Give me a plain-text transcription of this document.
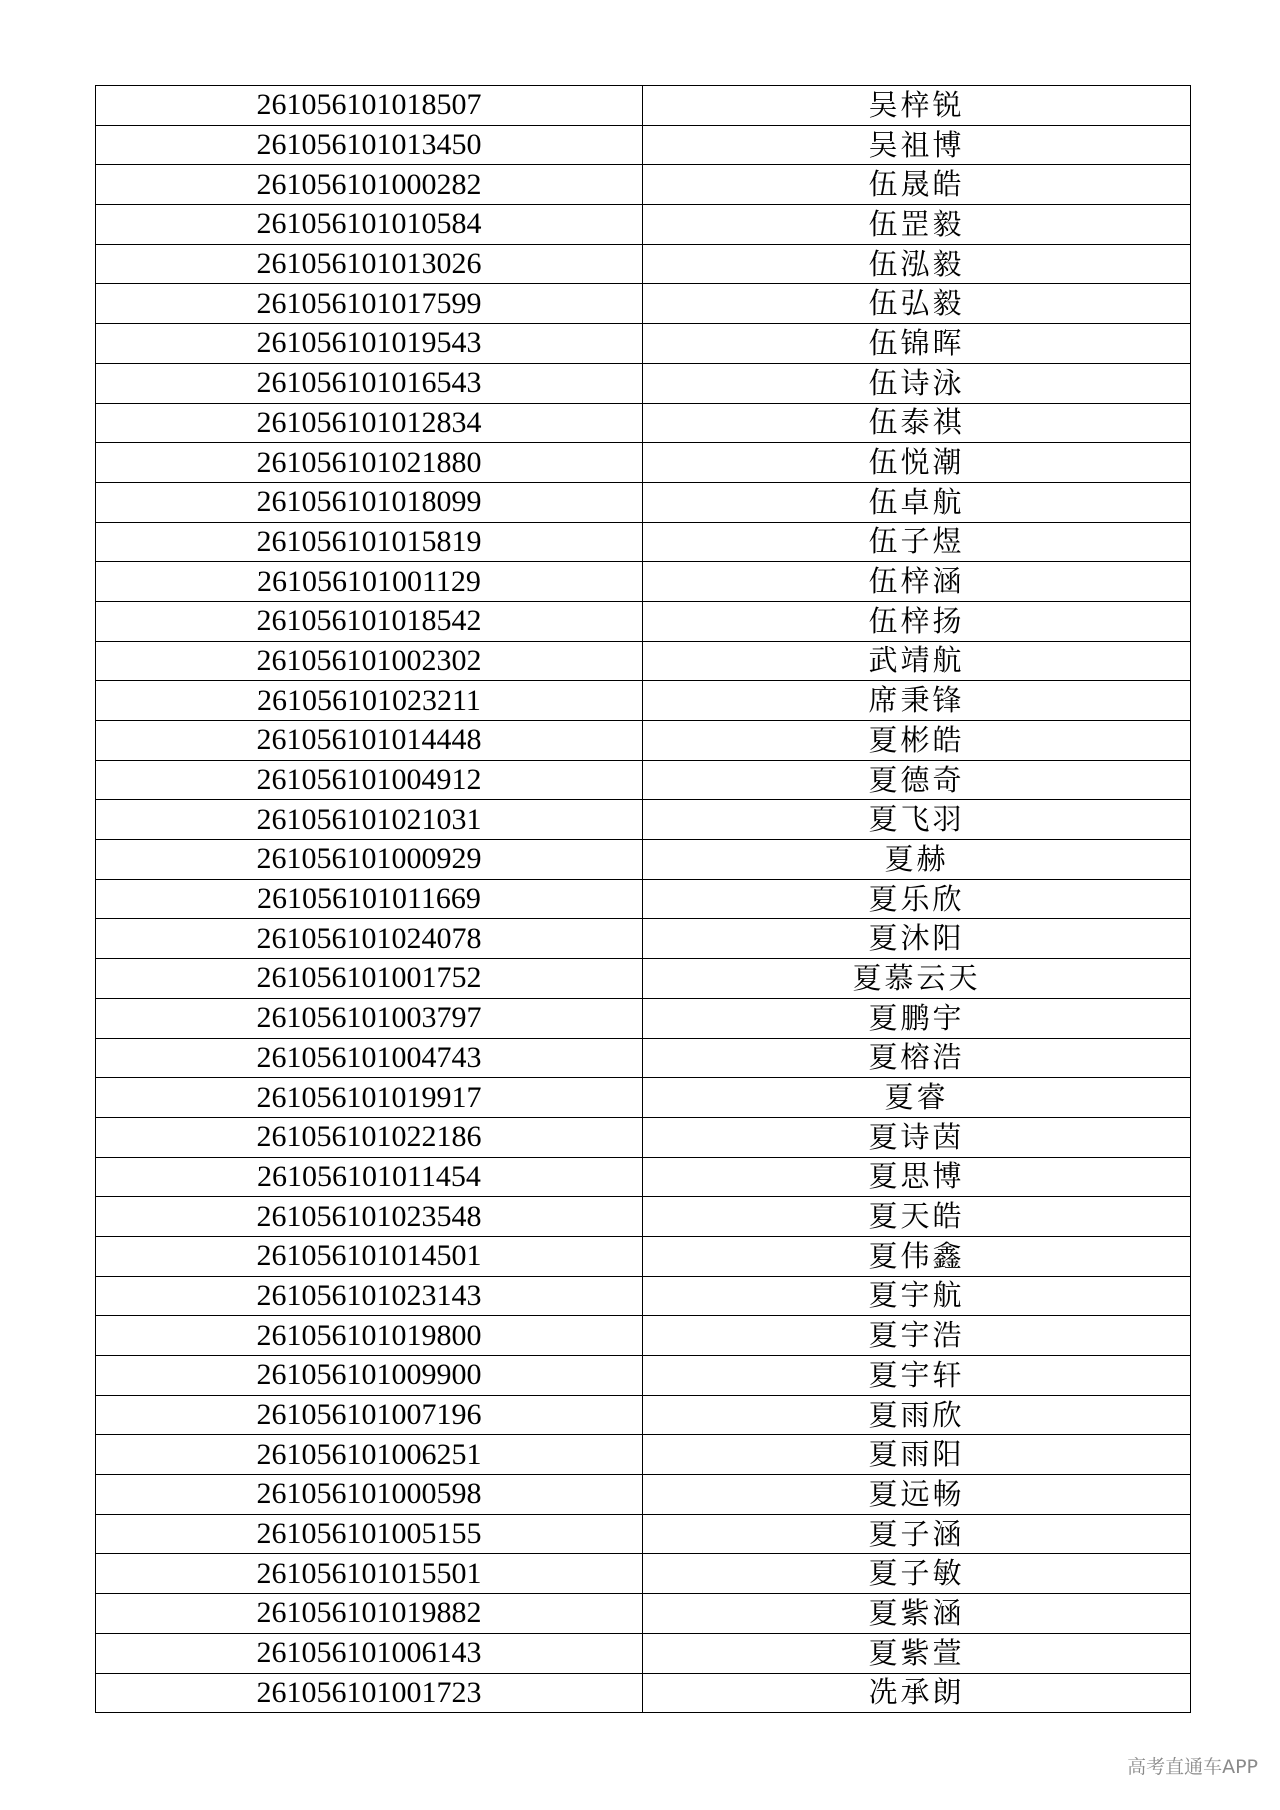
261056101018507	吴梓锐
261056101013450	吴祖博
261056101000282	伍晟皓
261056101010584	伍罡毅
261056101013026	伍泓毅
261056101017599	伍弘毅
261056101019543	伍锦晖
261056101016543	伍诗泳
261056101012834	伍泰祺
261056101021880	伍悦潮
261056101018099	伍卓航
261056101015819	伍子煜
261056101001129	伍梓涵
261056101018542	伍梓扬
261056101002302	武靖航
261056101023211	席秉锋
261056101014448	夏彬皓
261056101004912	夏德奇
261056101021031	夏飞羽
261056101000929	夏赫
261056101011669	夏乐欣
261056101024078	夏沐阳
261056101001752	夏慕云天
261056101003797	夏鹏宇
261056101004743	夏榕浩
261056101019917	夏睿
261056101022186	夏诗茵
261056101011454	夏思博
261056101023548	夏天皓
261056101014501	夏伟鑫
261056101023143	夏宇航
261056101019800	夏宇浩
261056101009900	夏宇轩
261056101007196	夏雨欣
261056101006251	夏雨阳
261056101000598	夏远畅
261056101005155	夏子涵
261056101015501	夏子敏
261056101019882	夏紫涵
261056101006143	夏紫萱
261056101001723	冼承朗
高考直通车APP
